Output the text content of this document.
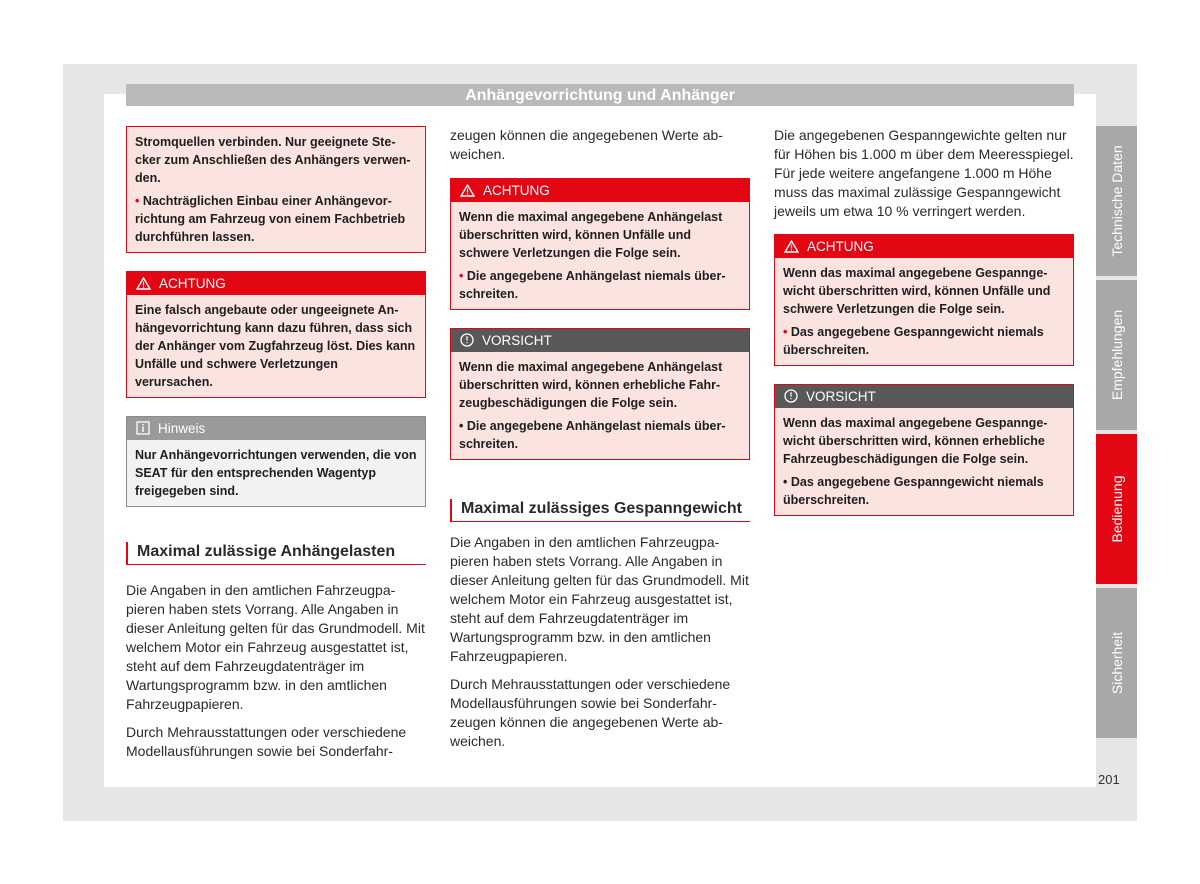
Anhängevorrichtung und Anhänger

Stromquellen verbinden. Nur geeignete Stecker zum Anschließen des Anhängers verwenden.

• Nachträglichen Einbau einer Anhängevorrichtung am Fahrzeug von einem Fachbetrieb durchführen lassen.

ACHTUNG

Eine falsch angebaute oder ungeeignete Anhängevorrichtung kann dazu führen, dass sich der Anhänger vom Zugfahrzeug löst. Dies kann Unfälle und schwere Verletzungen verursachen.

Hinweis

Nur Anhängevorrichtungen verwenden, die von SEAT für den entsprechenden Wagentyp freigegeben sind.

Maximal zulässige Anhängelasten

Die Angaben in den amtlichen Fahrzeugpapieren haben stets Vorrang. Alle Angaben in dieser Anleitung gelten für das Grundmodell. Mit welchem Motor ein Fahrzeug ausgestattet ist, steht auf dem Fahrzeugdatenträger im Wartungsprogramm bzw. in den amtlichen Fahrzeugpapieren.

Durch Mehrausstattungen oder verschiedene Modellausführungen sowie bei Sonderfahr-

zeugen können die angegebenen Werte abweichen.

ACHTUNG

Wenn die maximal angegebene Anhängelast überschritten wird, können Unfälle und schwere Verletzungen die Folge sein.

• Die angegebene Anhängelast niemals überschreiten.

VORSICHT

Wenn die maximal angegebene Anhängelast überschritten wird, können erhebliche Fahrzeugbeschädigungen die Folge sein.

• Die angegebene Anhängelast niemals überschreiten.

Maximal zulässiges Gespanngewicht

Die Angaben in den amtlichen Fahrzeugpapieren haben stets Vorrang. Alle Angaben in dieser Anleitung gelten für das Grundmodell. Mit welchem Motor ein Fahrzeug ausgestattet ist, steht auf dem Fahrzeugdatenträger im Wartungsprogramm bzw. in den amtlichen Fahrzeugpapieren.

Durch Mehrausstattungen oder verschiedene Modellausführungen sowie bei Sonderfahrzeugen können die angegebenen Werte abweichen.

Die angegebenen Gespanngewichte gelten nur für Höhen bis 1.000 m über dem Meeresspiegel. Für jede weitere angefangene 1.000 m Höhe muss das maximal zulässige Gespanngewicht jeweils um etwa 10 % verringert werden.

ACHTUNG

Wenn das maximal angegebene Gespanngewicht überschritten wird, können Unfälle und schwere Verletzungen die Folge sein.

• Das angegebene Gespanngewicht niemals überschreiten.

VORSICHT

Wenn das maximal angegebene Gespanngewicht überschritten wird, können erhebliche Fahrzeugbeschädigungen die Folge sein.

• Das angegebene Gespanngewicht niemals überschreiten.

Technische Daten
Empfehlungen
Bedienung
Sicherheit
201
